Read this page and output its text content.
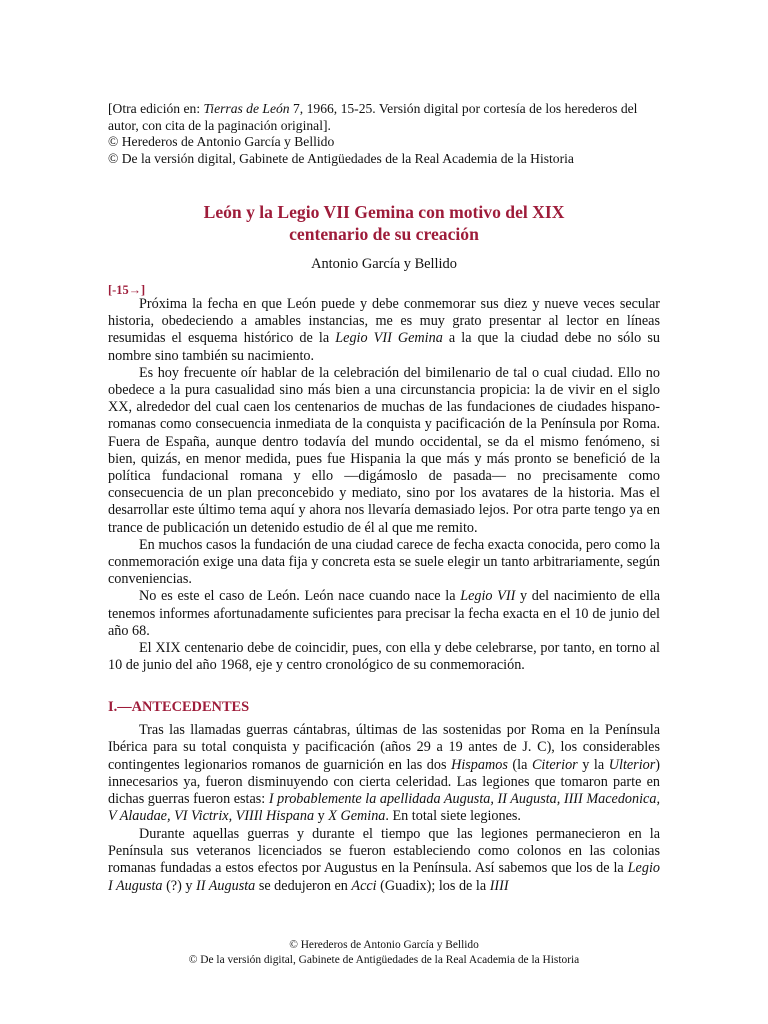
[Otra edición en: Tierras de León 7, 1966, 15-25. Versión digital por cortesía de los herederos del autor, con cita de la paginación original].

© Herederos de Antonio García y Bellido

© De la versión digital, Gabinete de Antigüedades de la Real Academia de la Historia

León y la Legio VII Gemina con motivo del XIX

centenario de su creación

Antonio García y Bellido
[-15→]

Próxima la fecha en que León puede y debe conmemorar sus diez y nueve veces secular historia, obedeciendo a amables instancias, me es muy grato presentar al lector en líneas resumidas el esquema histórico de la Legio VII Gemina a la que la ciudad debe no sólo su nombre sino también su nacimiento.

Es hoy frecuente oír hablar de la celebración del bimilenario de tal o cual ciudad. Ello no obedece a la pura casualidad sino más bien a una circunstancia propicia: la de vivir en el siglo XX, alrededor del cual caen los centenarios de muchas de las fundaciones de ciudades hispano-romanas como consecuencia inmediata de la conquista y pacificación de la Península por Roma. Fuera de España, aunque dentro todavía del mundo occidental, se da el mismo fenómeno, si bien, quizás, en menor medida, pues fue Hispania la que más y más pronto se benefició de la política fundacional romana y ello —digámoslo de pasada— no precisamente como consecuencia de un plan preconcebido y mediato, sino por los avatares de la historia. Mas el desarrollar este último tema aquí y ahora nos llevaría demasiado lejos. Por otra parte tengo ya en trance de publicación un detenido estudio de él al que me remito.

En muchos casos la fundación de una ciudad carece de fecha exacta conocida, pero como la conmemoración exige una data fija y concreta esta se suele elegir un tanto arbitrariamente, según conveniencias.

No es este el caso de León. León nace cuando nace la Legio VII y del nacimiento de ella tenemos informes afortunadamente suficientes para precisar la fecha exacta en el 10 de junio del año 68.

El XIX centenario debe de coincidir, pues, con ella y debe celebrarse, por tanto, en torno al 10 de junio del año 1968, eje y centro cronológico de su conmemoración.

I.—ANTECEDENTES

Tras las llamadas guerras cántabras, últimas de las sostenidas por Roma en la Península Ibérica para su total conquista y pacificación (años 29 a 19 antes de J. C), los considerables contingentes legionarios romanos de guarnición en las dos Hispamos (la Citerior y la Ulterior) innecesarios ya, fueron disminuyendo con cierta celeridad. Las legiones que tomaron parte en dichas guerras fueron estas: I probablemente la apellidada Augusta, II Augusta, IIII Macedonica, V Alaudae, VI Victrix, VIIIl Hispana y X Gemina. En total siete legiones.

Durante aquellas guerras y durante el tiempo que las legiones permanecieron en la Península sus veteranos licenciados se fueron estableciendo como colonos en las colonias romanas fundadas a estos efectos por Augustus en la Península. Así sabemos que los de la Legio I Augusta (?) y II Augusta se dedujeron en Acci (Guadix); los de la IIII

© Herederos de Antonio García y Bellido

© De la versión digital, Gabinete de Antigüedades de la Real Academia de la Historia
